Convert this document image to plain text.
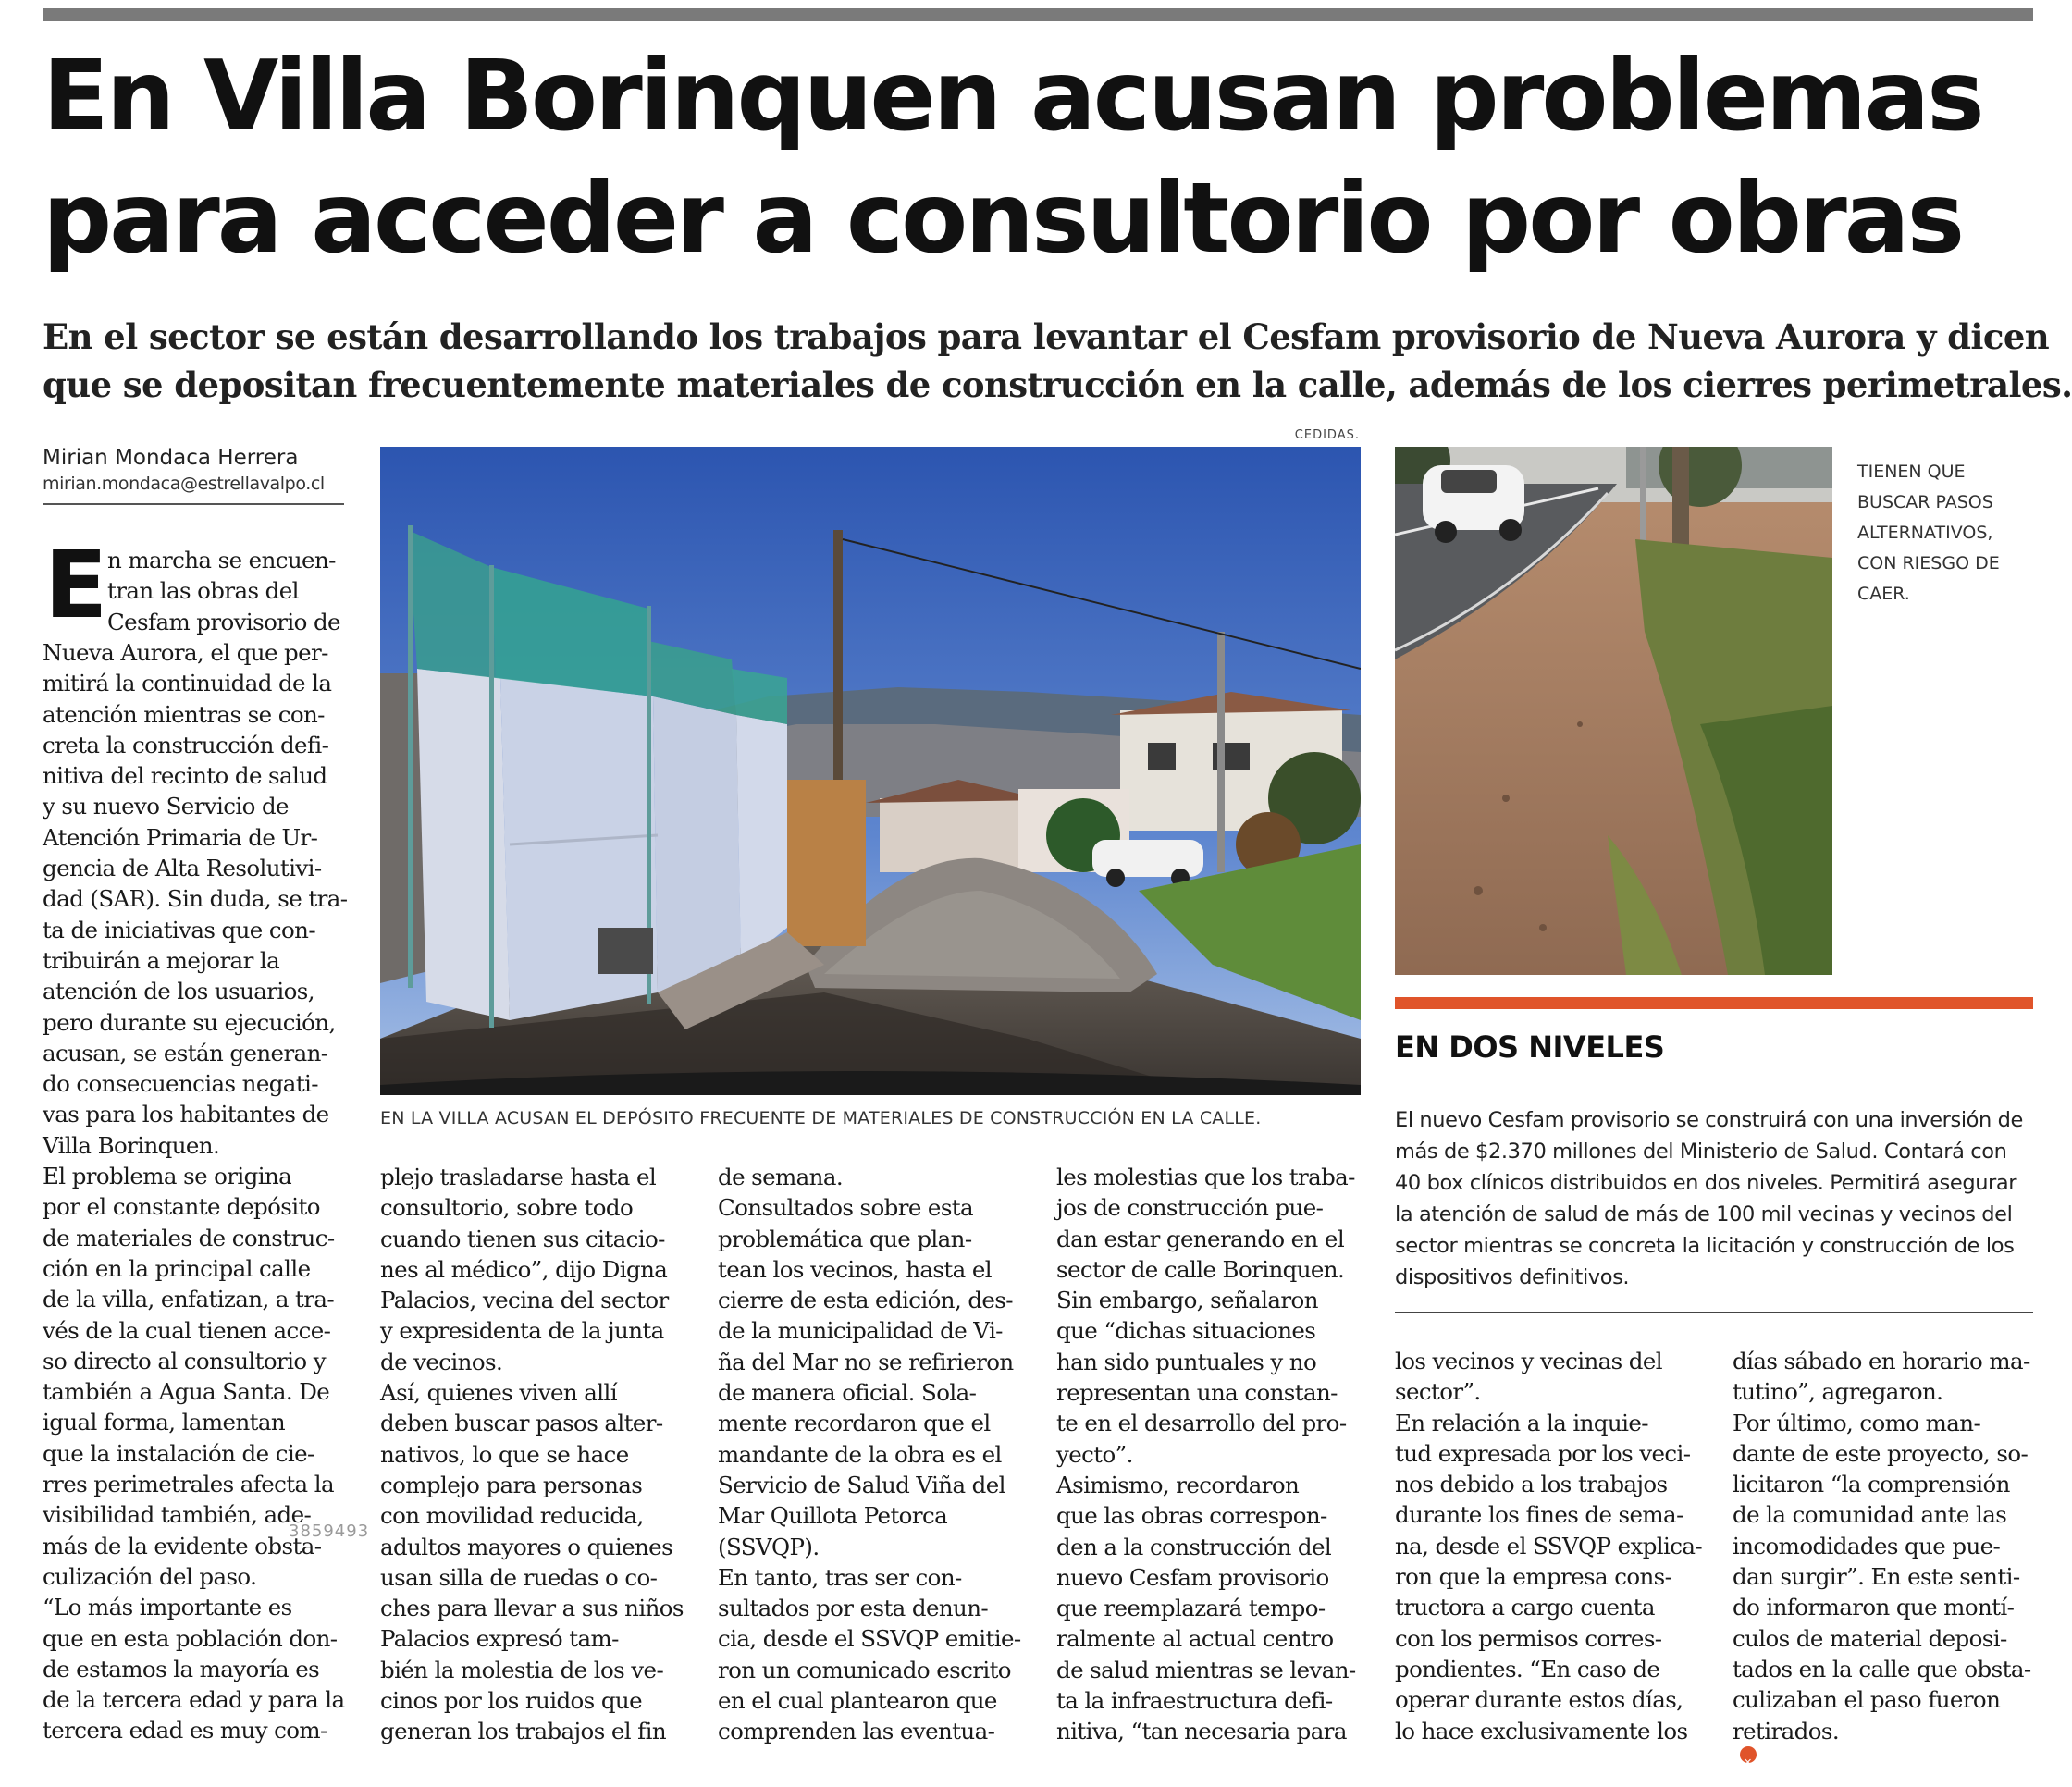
En Villa Borinquen acusan problemas
para acceder a consultorio por obras
En el sector se están desarrollando los trabajos para levantar el Cesfam provisorio de Nueva Aurora y dicen
que se depositan frecuentemente materiales de construcción en la calle, además de los cierres perimetrales.
Mirian Mondaca Herrera
mirian.mondaca@estrellavalpo.cl
CEDIDAS.
EN LA VILLA ACUSAN EL DEPÓSITO FRECUENTE DE MATERIALES DE CONSTRUCCIÓN EN LA CALLE.
TIENEN QUE
BUSCAR PASOS
ALTERNATIVOS,
CON RIESGO DE
CAER.
EN DOS NIVELES
El nuevo Cesfam provisorio se construirá con una inversión de
más de $2.370 millones del Ministerio de Salud. Contará con
40 box clínicos distribuidos en dos niveles. Permitirá asegurar
la atención de salud de más de 100 mil vecinas y vecinos del
sector mientras se concreta la licitación y construcción de los
dispositivos definitivos.
E n marcha se encuen-
tran las obras del
Cesfam provisorio de
Nueva Aurora, el que per-
mitirá la continuidad de la
atención mientras se con-
creta la construcción defi-
nitiva del recinto de salud
y su nuevo Servicio de
Atención Primaria de Ur-
gencia de Alta Resolutivi-
dad (SAR). Sin duda, se tra-
ta de iniciativas que con-
tribuirán a mejorar la
atención de los usuarios,
pero durante su ejecución,
acusan, se están generan-
do consecuencias negati-
vas para los habitantes de
Villa Borinquen.
El problema se origina
por el constante depósito
de materiales de construc-
ción en la principal calle
de la villa, enfatizan, a tra-
vés de la cual tienen acce-
so directo al consultorio y
también a Agua Santa. De
igual forma, lamentan
que la instalación de cie-
rres perimetrales afecta la
visibilidad también, ade-
más de la evidente obsta-
culización del paso.
“Lo más importante es
que en esta población don-
de estamos la mayoría es
de la tercera edad y para la
tercera edad es muy com-
plejo trasladarse hasta el
consultorio, sobre todo
cuando tienen sus citacio-
nes al médico”, dijo Digna
Palacios, vecina del sector
y expresidenta de la junta
de vecinos.
Así, quienes viven allí
deben buscar pasos alter-
nativos, lo que se hace
complejo para personas
con movilidad reducida,
adultos mayores o quienes
usan silla de ruedas o co-
ches para llevar a sus niños
Palacios expresó tam-
bién la molestia de los ve-
cinos por los ruidos que
generan los trabajos el fin
de semana.
Consultados sobre esta
problemática que plan-
tean los vecinos, hasta el
cierre de esta edición, des-
de la municipalidad de Vi-
ña del Mar no se refirieron
de manera oficial. Sola-
mente recordaron que el
mandante de la obra es el
Servicio de Salud Viña del
Mar Quillota Petorca
(SSVQP).
En tanto, tras ser con-
sultados por esta denun-
cia, desde el SSVQP emitie-
ron un comunicado escrito
en el cual plantearon que
comprenden las eventua-
les molestias que los traba-
jos de construcción pue-
dan estar generando en el
sector de calle Borinquen.
Sin embargo, señalaron
que “dichas situaciones
han sido puntuales y no
representan una constan-
te en el desarrollo del pro-
yecto”.
Asimismo, recordaron
que las obras correspon-
den a la construcción del
nuevo Cesfam provisorio
que reemplazará tempo-
ralmente al actual centro
de salud mientras se levan-
ta la infraestructura defi-
nitiva, “tan necesaria para
los vecinos y vecinas del
sector”.
En relación a la inquie-
tud expresada por los veci-
nos debido a los trabajos
durante los fines de sema-
na, desde el SSVQP explica-
ron que la empresa cons-
tructora a cargo cuenta
con los permisos corres-
pondientes. “En caso de
operar durante estos días,
lo hace exclusivamente los
días sábado en horario ma-
tutino”, agregaron.
Por último, como man-
dante de este proyecto, so-
licitaron “la comprensión
de la comunidad ante las
incomodidades que pue-
dan surgir”. En este senti-
do informaron que montí-
culos de material deposi-
tados en la calle que obsta-
culizaban el paso fueron
retirados.
✕
3859493
